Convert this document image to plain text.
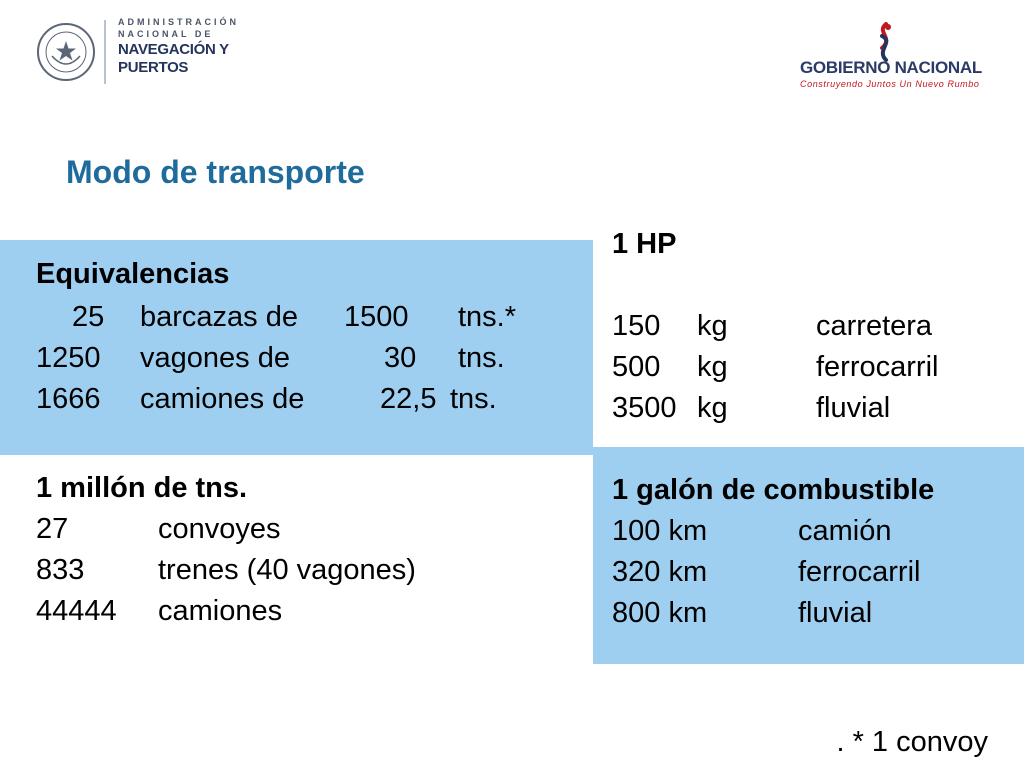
ADMINISTRACIÓN
NACIONAL DE
NAVEGACIÓN Y
PUERTOS	GOBIERNO NACIONAL
Construyendo Juntos Un Nuevo Rumbo
Modo de transporte
Equivalencias
25 barcazas de 1500 tns.*
1250 vagones de	30 tns.
1666 camiones de	22,5 tns.
1 millón de tns.
27	convoyes
833	trenes (40 vagones)
44444 camiones
1 HP
150 kg	carretera
500 kg	ferrocarril
3500 kg	fluvial
1 galón de combustible
100 km	camión
320 km	ferrocarril
800 km	fluvial
. * 1 convoy
